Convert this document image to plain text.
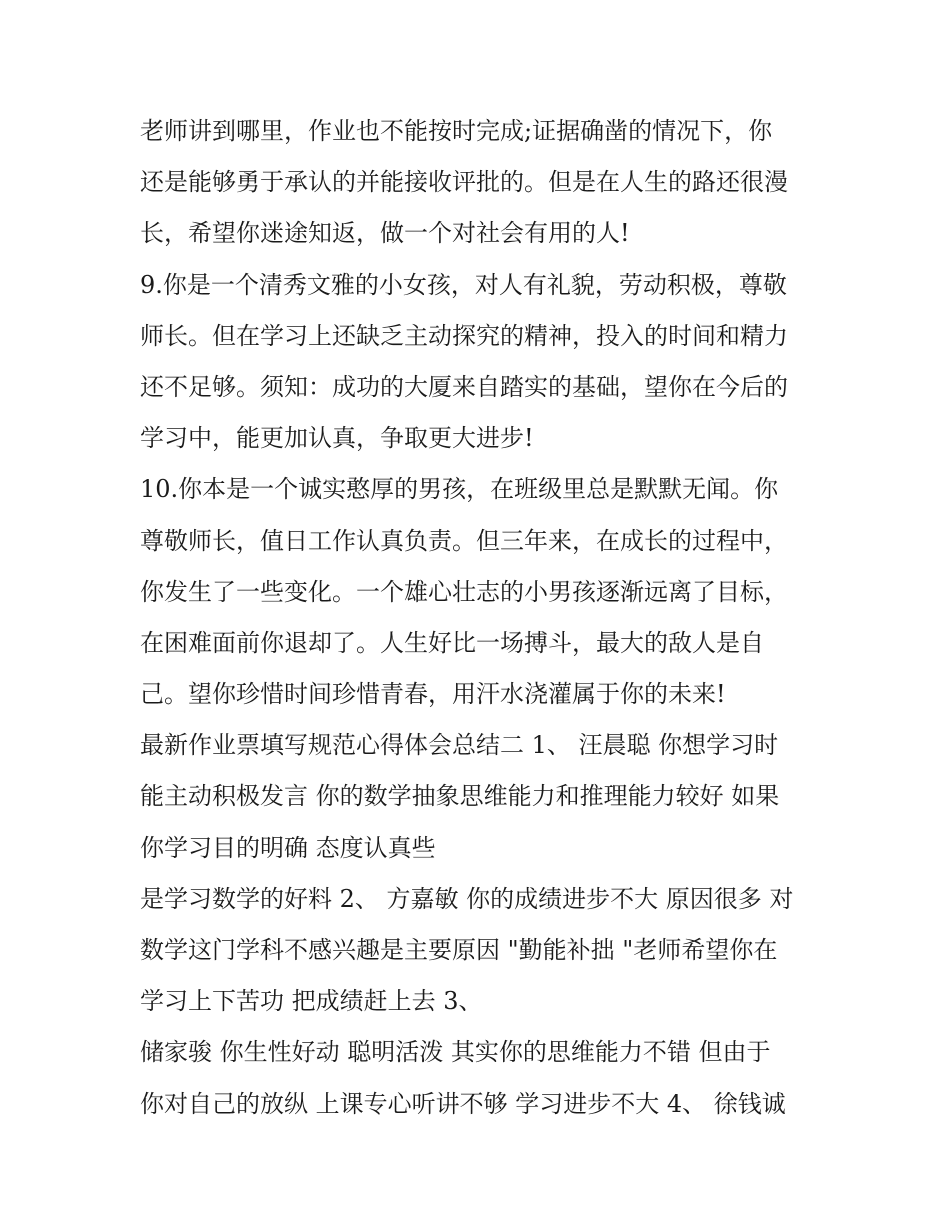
老师讲到哪里，作业也不能按时完成;证据确凿的情况下，你
还是能够勇于承认的并能接收评批的。但是在人生的路还很漫
长，希望你迷途知返，做一个对社会有用的人!
9.你是一个清秀文雅的小女孩，对人有礼貌，劳动积极，尊敬
师长。但在学习上还缺乏主动探究的精神，投入的时间和精力
还不足够。须知：成功的大厦来自踏实的基础，望你在今后的
学习中，能更加认真，争取更大进步!
10.你本是一个诚实憨厚的男孩，在班级里总是默默无闻。你
尊敬师长，值日工作认真负责。但三年来，在成长的过程中，
你发生了一些变化。一个雄心壮志的小男孩逐渐远离了目标，
在困难面前你退却了。人生好比一场搏斗，最大的敌人是自
己。望你珍惜时间珍惜青春，用汗水浇灌属于你的未来!
最新作业票填写规范心得体会总结二 1、 汪晨聪 你想学习时
能主动积极发言 你的数学抽象思维能力和推理能力较好 如果
你学习目的明确 态度认真些
是学习数学的好料 2、 方嘉敏 你的成绩进步不大 原因很多 对
数学这门学科不感兴趣是主要原因 "勤能补拙 "老师希望你在
学习上下苦功 把成绩赶上去 3、
储家骏 你生性好动 聪明活泼 其实你的思维能力不错 但由于
你对自己的放纵 上课专心听讲不够 学习进步不大 4、 徐钱诚
